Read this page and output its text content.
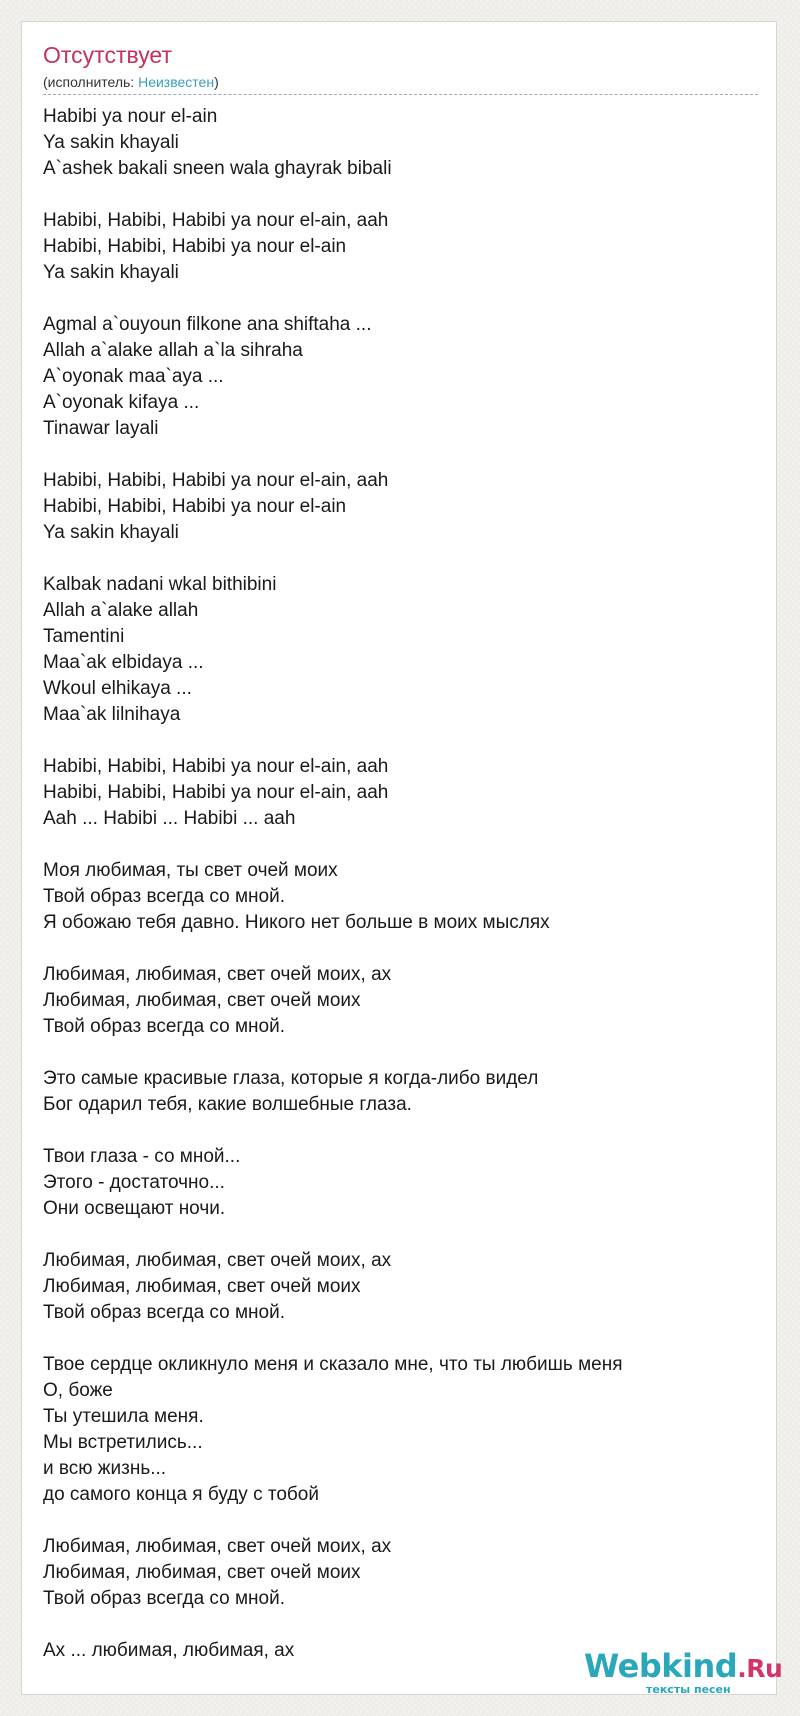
Отсутствует
(исполнитель: Неизвестен)
Habibi ya nour el-ain
Ya sakin khayali
A`ashek bakali sneen wala ghayrak bibali

Habibi, Habibi, Habibi ya nour el-ain, aah
Habibi, Habibi, Habibi ya nour el-ain
Ya sakin khayali

Agmal a`ouyoun filkone ana shiftaha ...
Allah a`alake allah a`la sihraha
A`oyonak maa`aya ...
A`oyonak kifaya ...
Tinawar layali

Habibi, Habibi, Habibi ya nour el-ain, aah
Habibi, Habibi, Habibi ya nour el-ain
Ya sakin khayali

Kalbak nadani wkal bithibini
Allah a`alake allah
Tamentini
Maa`ak elbidaya ...
Wkoul elhikaya ...
Maa`ak lilnihaya

Habibi, Habibi, Habibi ya nour el-ain, aah
Habibi, Habibi, Habibi ya nour el-ain, aah
Aah ... Habibi ... Habibi ... aah

Моя любимая, ты свет очей моих
Твой образ всегда со мной.
Я обожаю тебя давно. Никого нет больше в моих мыслях

Любимая, любимая, свет очей моих, ах
Любимая, любимая, свет очей моих
Твой образ всегда со мной.

Это самые красивые глаза, которые я когда-либо видел
Бог одарил тебя, какие волшебные глаза.

Твои глаза - со мной...
Этого - достаточно...
Они освещают ночи.

Любимая, любимая, свет очей моих, ах
Любимая, любимая, свет очей моих
Твой образ всегда со мной.

Твое сердце окликнуло меня и сказало мне, что ты любишь меня
О, боже
Ты утешила меня.
Мы встретились...
и всю жизнь...
до самого конца я буду с тобой

Любимая, любимая, свет очей моих, ах
Любимая, любимая, свет очей моих
Твой образ всегда со мной.

Ах ... любимая, любимая, ах	Webkind.Ru
тексты песен
